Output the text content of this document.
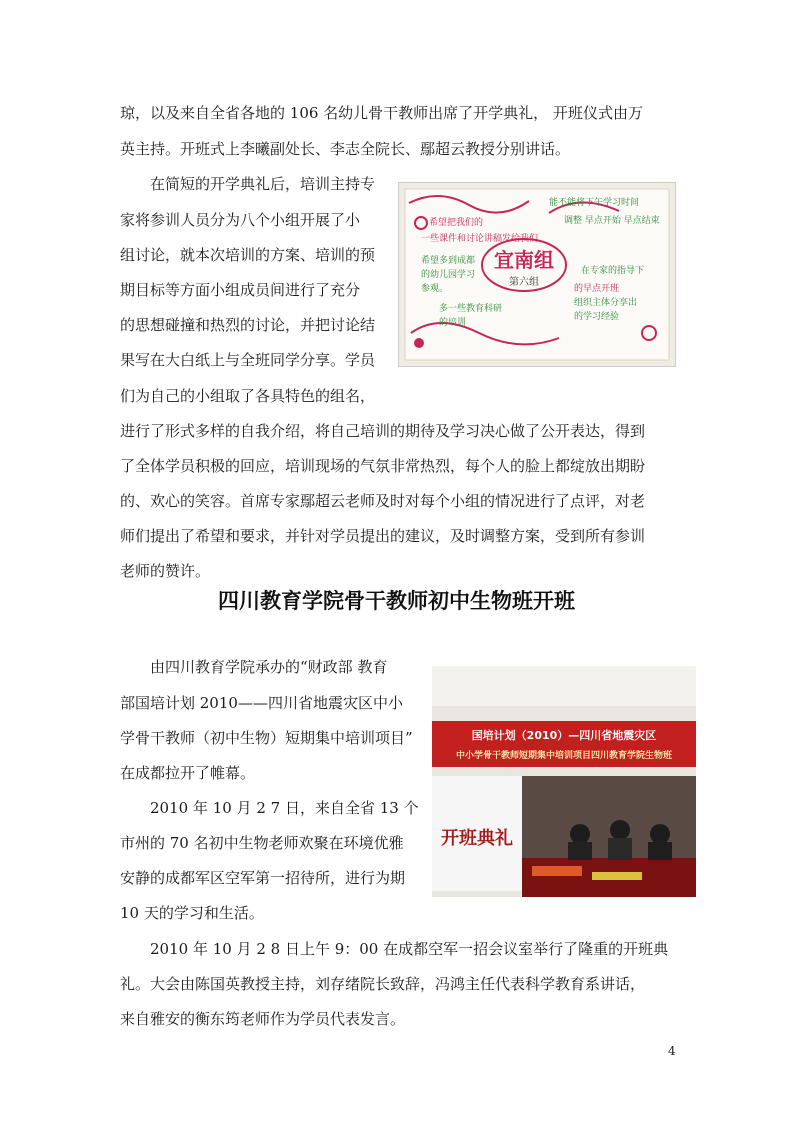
琼，以及来自全省各地的 106 名幼儿骨干教师出席了开学典礼， 开班仪式由万

英主持。开班式上李曦副处长、李志全院长、鄢超云教授分别讲话。

在简短的开学典礼后，培训主持专

家将参训人员分为八个小组开展了小

组讨论，就本次培训的方案、培训的预

期目标等方面小组成员间进行了充分

的思想碰撞和热烈的讨论，并把讨论结

果写在大白纸上与全班同学分享。学员

们为自己的小组取了各具特色的组名，

进行了形式多样的自我介绍，将自己培训的期待及学习决心做了公开表达，得到

了全体学员积极的回应，培训现场的气氛非常热烈，每个人的脸上都绽放出期盼

的、欢心的笑容。首席专家鄢超云老师及时对每个小组的情况进行了点评，对老

师们提出了希望和要求，并针对学员提出的建议，及时调整方案，受到所有参训

老师的赞许。

宜南组
第六组
能不能将下午学习时间
调整 早点开始 早点结束
希望把我们的
一些课件和讨论讲稿发给我们
希望多到成都
的幼儿园学习
参观。
多一些教育科研
的培训
在专家的指导下
组织主体分享出
的学习经验
的早点开班
四川教育学院骨干教师初中生物班开班

由四川教育学院承办的“财政部 教育

部国培计划 2010——四川省地震灾区中小

学骨干教师（初中生物）短期集中培训项目”

在成都拉开了帷幕。

2010 年 10 月 2 7 日，来自全省 13 个

市州的 70 名初中生物老师欢聚在环境优雅

安静的成都军区空军第一招待所，进行为期

10 天的学习和生活。

2010 年 10 月 2 8 日上午 9：00 在成都空军一招会议室举行了隆重的开班典

礼。大会由陈国英教授主持，刘存绪院长致辞，冯鸿主任代表科学教育系讲话，

来自雅安的衡东筠老师作为学员代表发言。

国培计划（2010）—四川省地震灾区
中小学骨干教师短期集中培训项目四川教育学院生物班
开班典礼
4
